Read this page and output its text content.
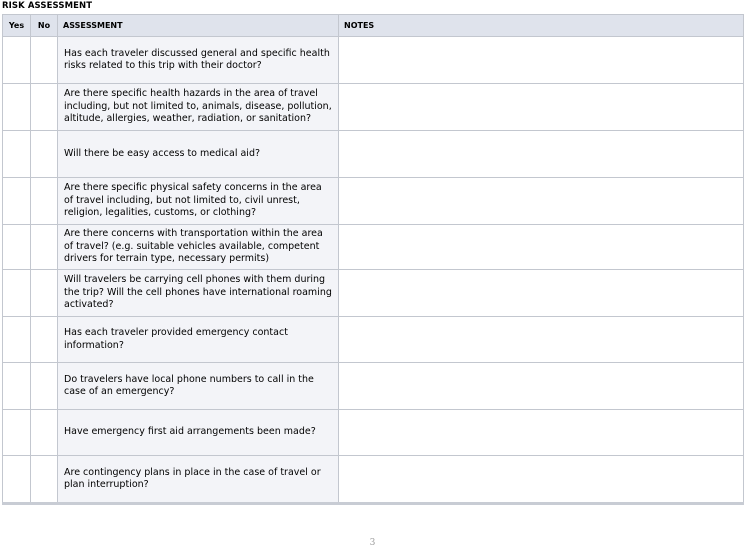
RISK ASSESSMENT
Yes	No	ASSESSMENT	NOTES
		Has each traveler discussed general and specific health risks related to this trip with their doctor?	
		Are there specific health hazards in the area of travel including, but not limited to, animals, disease, pollution, altitude, allergies, weather, radiation, or sanitation?	
		Will there be easy access to medical aid?	
		Are there specific physical safety concerns in the area of travel including, but not limited to, civil unrest, religion, legalities, customs, or clothing?	
		Are there concerns with transportation within the area of travel? (e.g. suitable vehicles available, competent drivers for terrain type, necessary permits)	
		Will travelers be carrying cell phones with them during the trip? Will the cell phones have international roaming activated?	
		Has each traveler provided emergency contact information?	
		Do travelers have local phone numbers to call in the case of an emergency?	
		Have emergency first aid arrangements been made?	
		Are contingency plans in place in the case of travel or plan interruption?	
3
